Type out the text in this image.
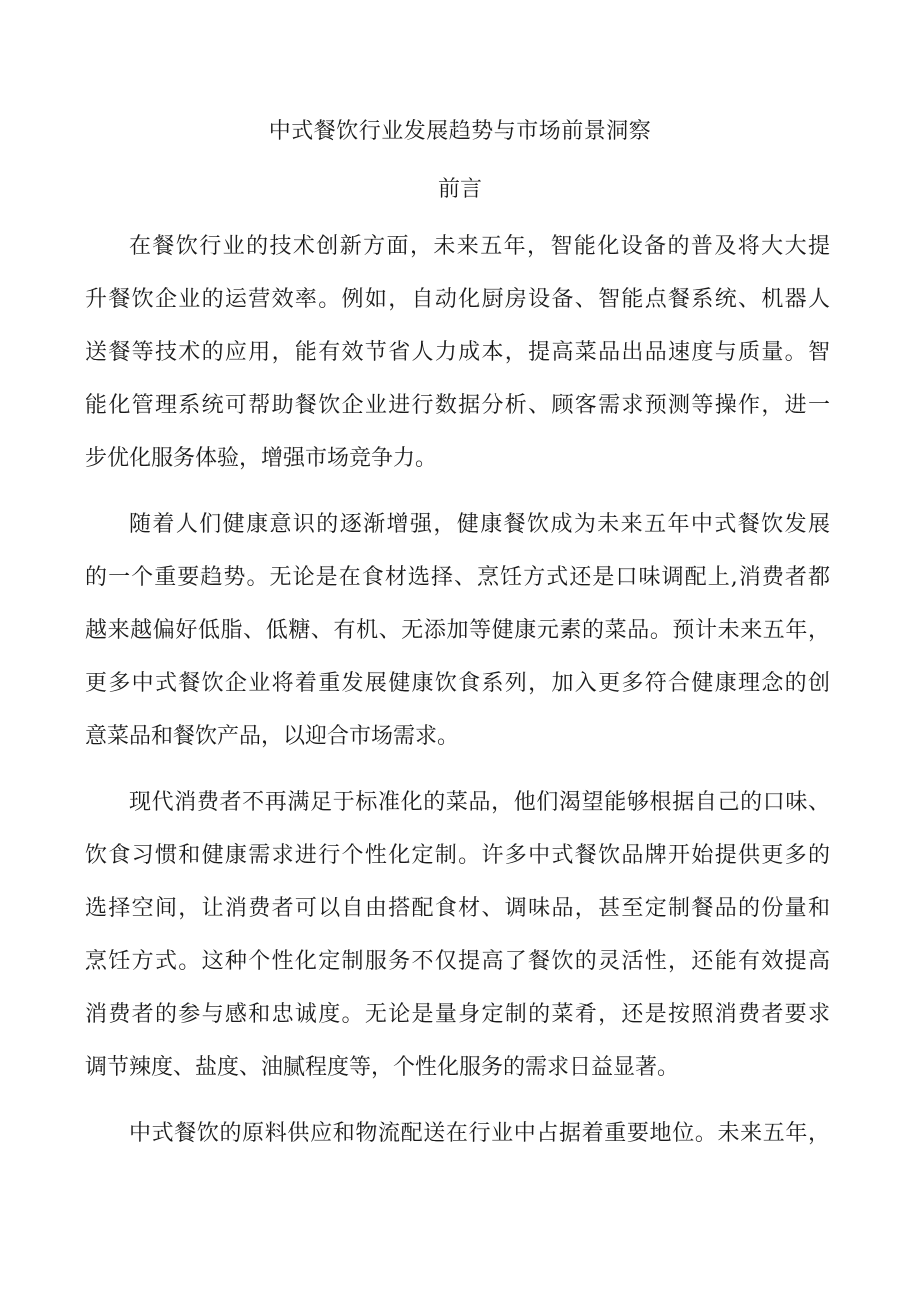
中式餐饮行业发展趋势与市场前景洞察
前言
在餐饮行业的技术创新方面，未来五年，智能化设备的普及将大大提
升餐饮企业的运营效率。例如，自动化厨房设备、智能点餐系统、机器人
送餐等技术的应用，能有效节省人力成本，提高菜品出品速度与质量。智
能化管理系统可帮助餐饮企业进行数据分析、顾客需求预测等操作，进一
步优化服务体验，增强市场竞争力。
随着人们健康意识的逐渐增强，健康餐饮成为未来五年中式餐饮发展
的一个重要趋势。无论是在食材选择、烹饪方式还是口味调配上,消费者都
越来越偏好低脂、低糖、有机、无添加等健康元素的菜品。预计未来五年，
更多中式餐饮企业将着重发展健康饮食系列，加入更多符合健康理念的创
意菜品和餐饮产品，以迎合市场需求。
现代消费者不再满足于标准化的菜品，他们渴望能够根据自己的口味、
饮食习惯和健康需求进行个性化定制。许多中式餐饮品牌开始提供更多的
选择空间，让消费者可以自由搭配食材、调味品，甚至定制餐品的份量和
烹饪方式。这种个性化定制服务不仅提高了餐饮的灵活性，还能有效提高
消费者的参与感和忠诚度。无论是量身定制的菜肴，还是按照消费者要求
调节辣度、盐度、油腻程度等，个性化服务的需求日益显著。
中式餐饮的原料供应和物流配送在行业中占据着重要地位。未来五年，
